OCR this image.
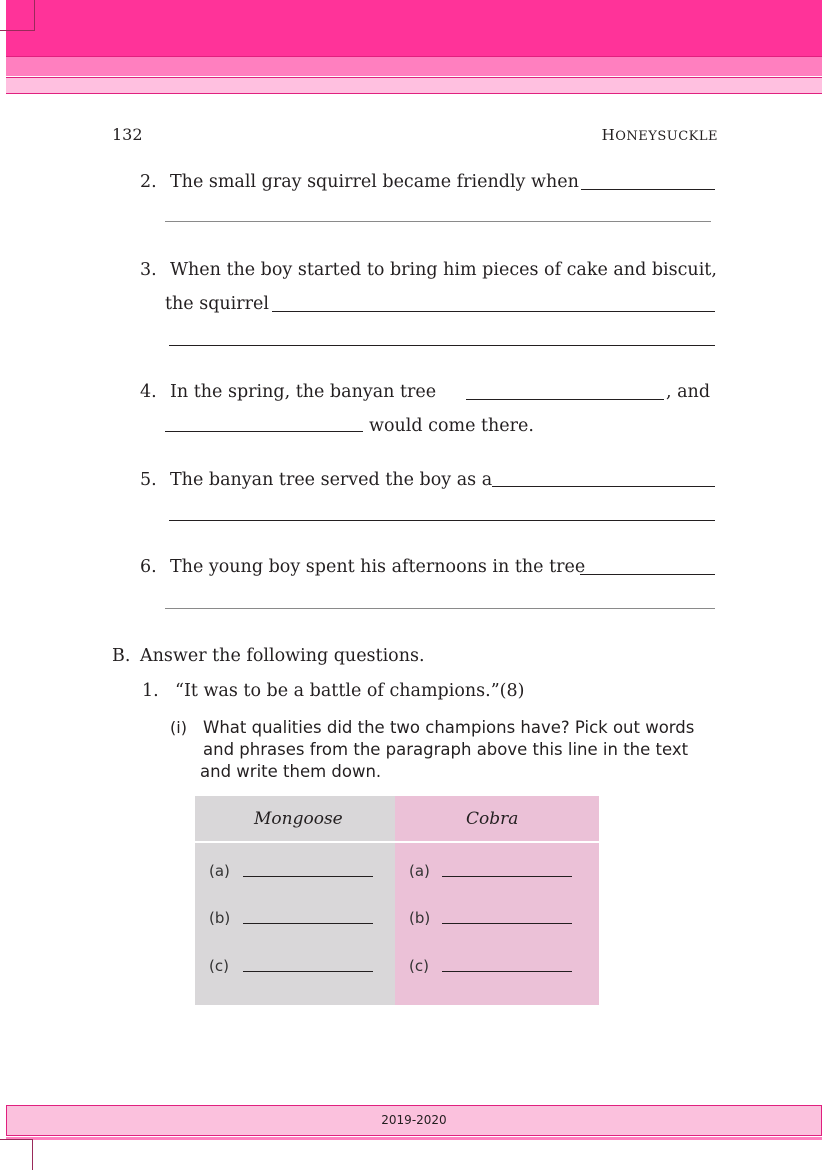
132	HONEYSUCKLE
2. The small gray squirrel became friendly when
3. When the boy started to bring him pieces of cake and biscuit,
the squirrel
4. In the spring, the banyan tree	, and
would come there.
5. The banyan tree served the boy as a
6. The young boy spent his afternoons in the tree
B. Answer the following questions.
1. “It was to be a battle of champions.”(8)
(i) What qualities did the two champions have? Pick out words
and phrases from the paragraph above this line in the text
and write them down.
Mongoose	Cobra
(a)	(a)
(b)	(b)
(c)	(c)
2019-2020
